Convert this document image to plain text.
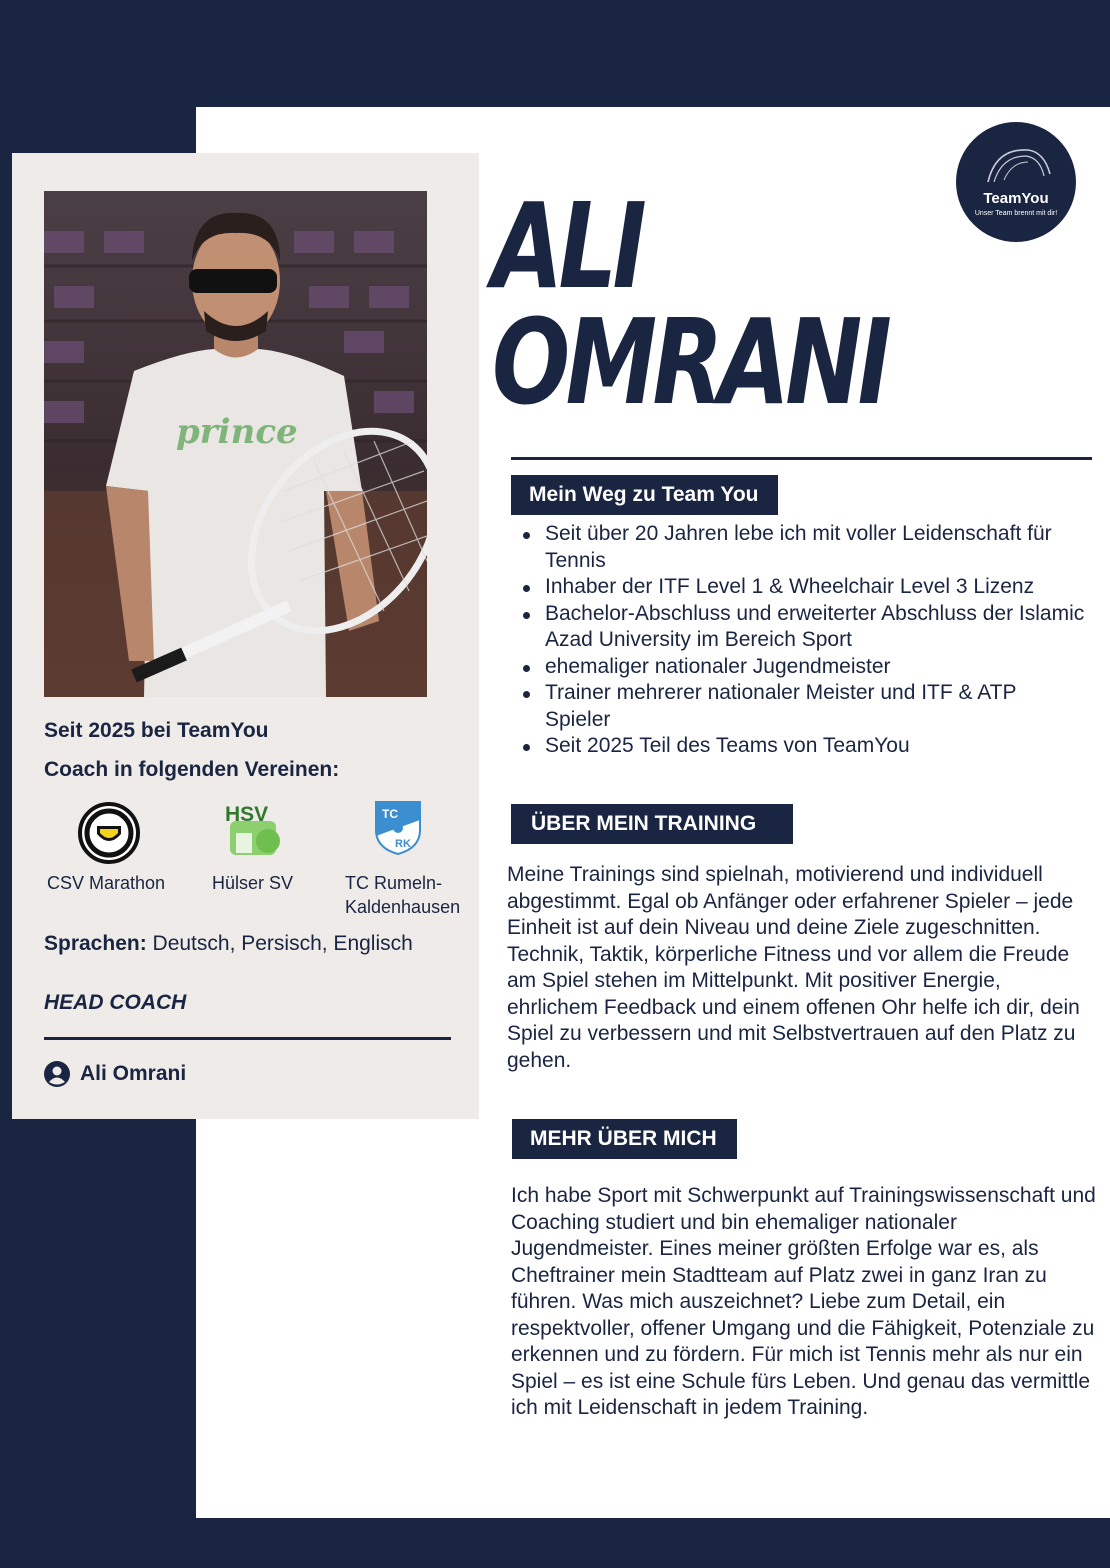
prince
Seit 2025 bei TeamYou
Coach in folgenden Vereinen:
CSV Marathon
HSV
Hülser SV
TC
RK
TC Rumeln-
Kaldenhausen
Sprachen: Deutsch, Persisch, Englisch
HEAD COACH
Ali Omrani
ALI
OMRANI
TeamYou
Unser Team brennt mit dir!
Mein Weg zu Team You
Seit über 20 Jahren lebe ich mit voller Leidenschaft für Tennis
Inhaber der ITF Level 1 & Wheelchair Level 3 Lizenz
Bachelor-Abschluss und erweiterter Abschluss der Islamic Azad University im Bereich Sport
ehemaliger nationaler Jugendmeister
Trainer mehrerer nationaler Meister und ITF & ATP Spieler
Seit 2025 Teil des Teams von TeamYou
ÜBER MEIN TRAINING

Meine Trainings sind spielnah, motivierend und individuell abgestimmt. Egal ob Anfänger oder erfahrener Spieler – jede Einheit ist auf dein Niveau und deine Ziele zugeschnitten. Technik, Taktik, körperliche Fitness und vor allem die Freude am Spiel stehen im Mittelpunkt. Mit positiver Energie, ehrlichem Feedback und einem offenen Ohr helfe ich dir, dein Spiel zu verbessern und mit Selbstvertrauen auf den Platz zu gehen.

MEHR ÜBER MICH

Ich habe Sport mit Schwerpunkt auf Trainingswissenschaft und Coaching studiert und bin ehemaliger nationaler Jugendmeister. Eines meiner größten Erfolge war es, als Cheftrainer mein Stadtteam auf Platz zwei in ganz Iran zu führen. Was mich auszeichnet? Liebe zum Detail, ein respektvoller, offener Umgang und die Fähigkeit, Potenziale zu erkennen und zu fördern. Für mich ist Tennis mehr als nur ein Spiel – es ist eine Schule fürs Leben. Und genau das vermittle ich mit Leidenschaft in jedem Training.
